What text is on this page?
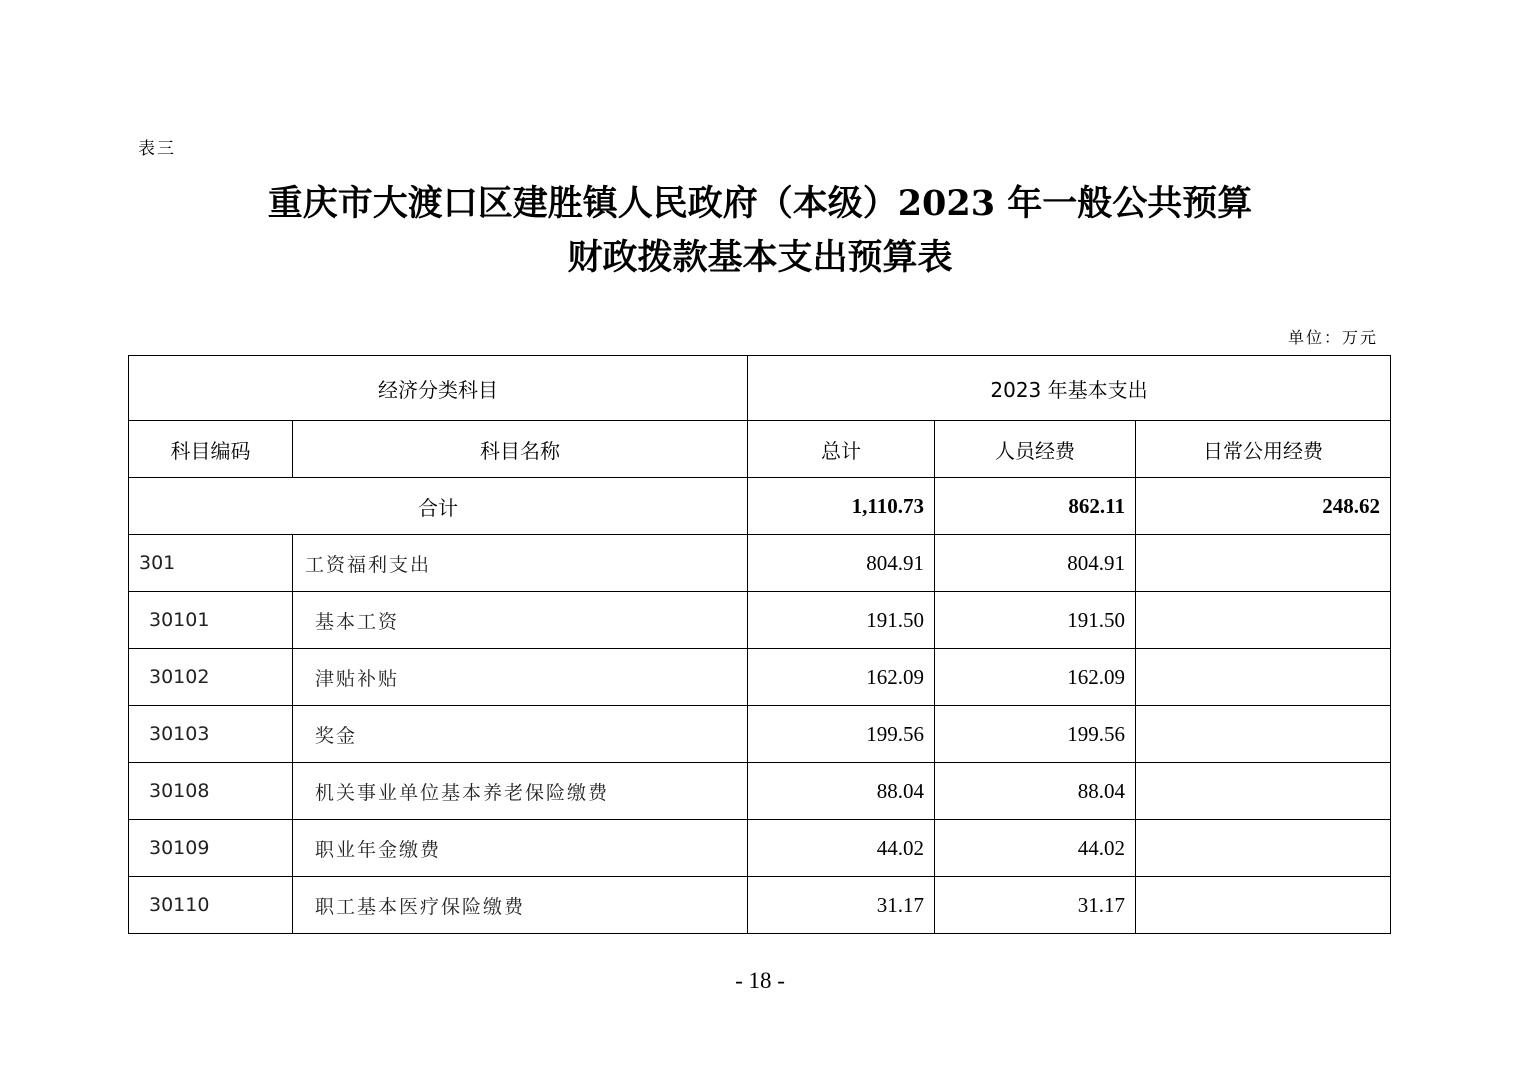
表三
重庆市大渡口区建胜镇人民政府（本级）2023 年一般公共预算
财政拨款基本支出预算表
单位：万元
经济分类科目		2023 年基本支出		
科目编码	科目名称	总计	人员经费	日常公用经费
合计		1,110.73	862.11	248.62
301	工资福利支出	804.91	804.91	
30101	基本工资	191.50	191.50	
30102	津贴补贴	162.09	162.09	
30103	奖金	199.56	199.56	
30108	机关事业单位基本养老保险缴费	88.04	88.04	
30109	职业年金缴费	44.02	44.02	
30110	职工基本医疗保险缴费	31.17	31.17	
- 18 -
